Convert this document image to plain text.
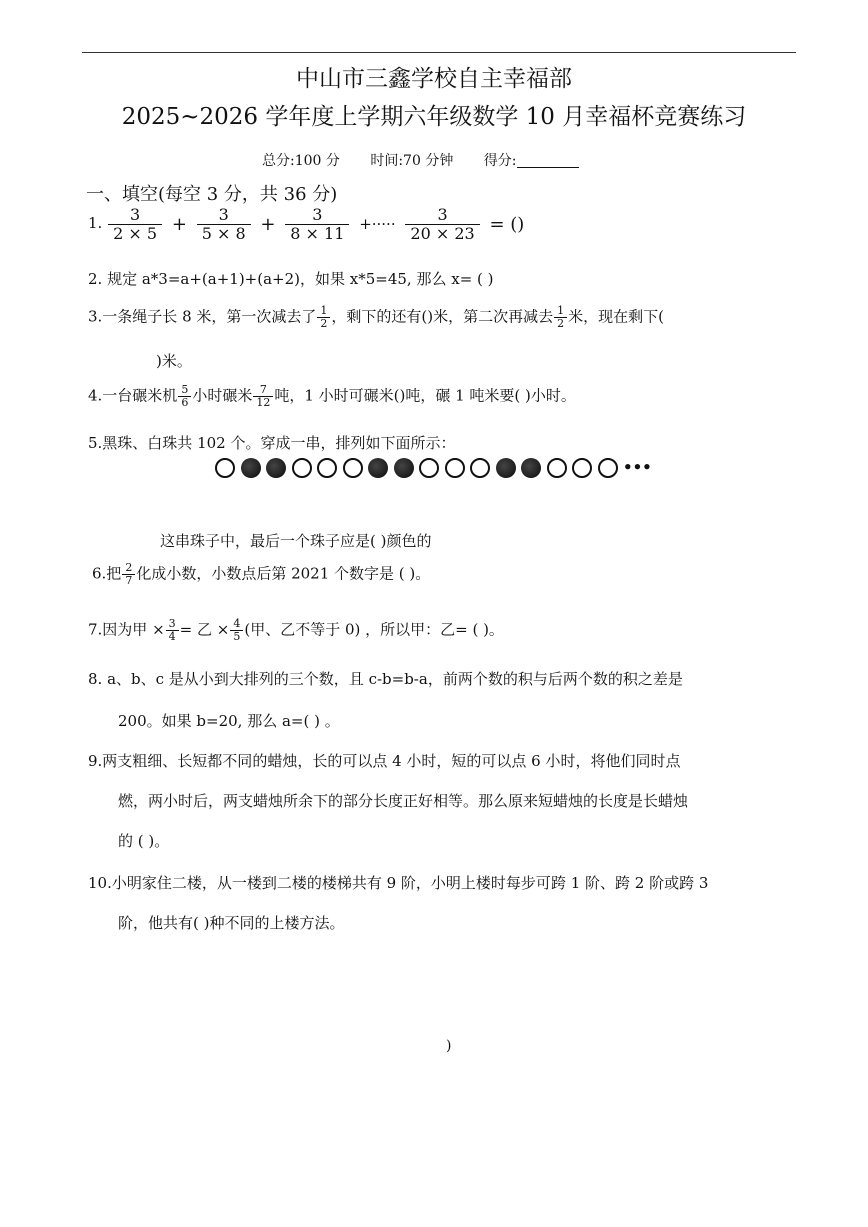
中山市三鑫学校自主幸福部
2025~2026 学年度上学期六年级数学 10 月幸福杯竞赛练习
总分:100 分 时间:70 分钟 得分:
一、填空(每空 3 分，共 36 分)
1. $\frac{3}{2 \times 5} + \frac{3}{5 \times 8} + \frac{3}{8 \times 11}$ +····· $\frac{3}{20 \times 23}$ = ()
2. 规定 a*3=a+(a+1)+(a+2)，如果 x*5=45, 那么 x= ( )
3.一条绳子长 8 米，第一次减去了 $\frac{1}{2}$ ，剩下的还有()米，第二次再减去 $\frac{1}{2}$ 米，现在剩下(
)米。
4.一台碾米机 $\frac{5}{6}$ 小时碾米 $\frac{7}{12}$ 吨，1 小时可碾米()吨，碾 1 吨米要( )小时。
5.黑珠、白珠共 102 个。穿成一串，排列如下面所示：
•••
这串珠子中，最后一个珠子应是( )颜色的
6.把 $\frac{2}{7}$ 化成小数，小数点后第 2021 个数字是 ( )。
7.因为甲 × $\frac{3}{4}$ = 乙 × $\frac{4}{5}$ (甲、乙不等于 0) ，所以甲：乙= ( )。
8. a、b、c 是从小到大排列的三个数，且 c-b=b-a，前两个数的积与后两个数的积之差是
200。如果 b=20, 那么 a=( ) 。
9.两支粗细、长短都不同的蜡烛，长的可以点 4 小时，短的可以点 6 小时，将他们同时点
燃，两小时后，两支蜡烛所余下的部分长度正好相等。那么原来短蜡烛的长度是长蜡烛
的 ( )。
10.小明家住二楼，从一楼到二楼的楼梯共有 9 阶，小明上楼时每步可跨 1 阶、跨 2 阶或跨 3
阶，他共有( )种不同的上楼方法。
)
